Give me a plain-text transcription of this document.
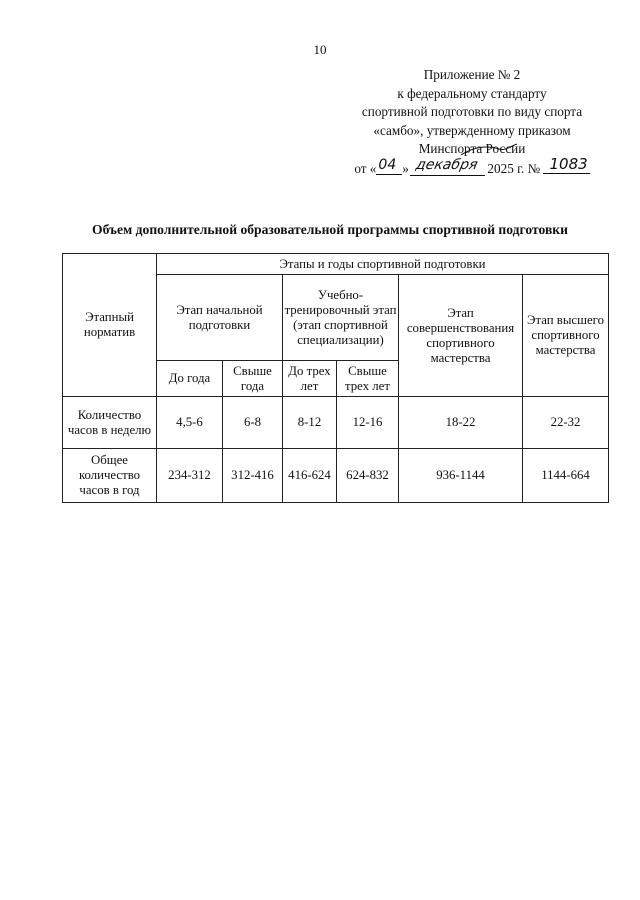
10
Приложение № 2
к федеральному стандарту
спортивной подготовки по виду спорта
«самбо», утвержденному приказом
Минспорта России
от « 04 » декабря 2025 г. № 1083
Объем дополнительной образовательной программы спортивной подготовки
Этапный норматив	Этапы и годы спортивной подготовки					
	Этап начальной подготовки		Учебно-тренировочный этап (этап спортивной специализации)		Этап совершенствования спортивного мастерства	Этап высшего спортивного мастерства
	До года	Свыше года	До трех лет	Свыше трех лет		
Количество часов в неделю	4,5-6	6-8	8-12	12-16	18-22	22-32
Общее количество часов в год	234-312	312-416	416-624	624-832	936-1144	1144-664
